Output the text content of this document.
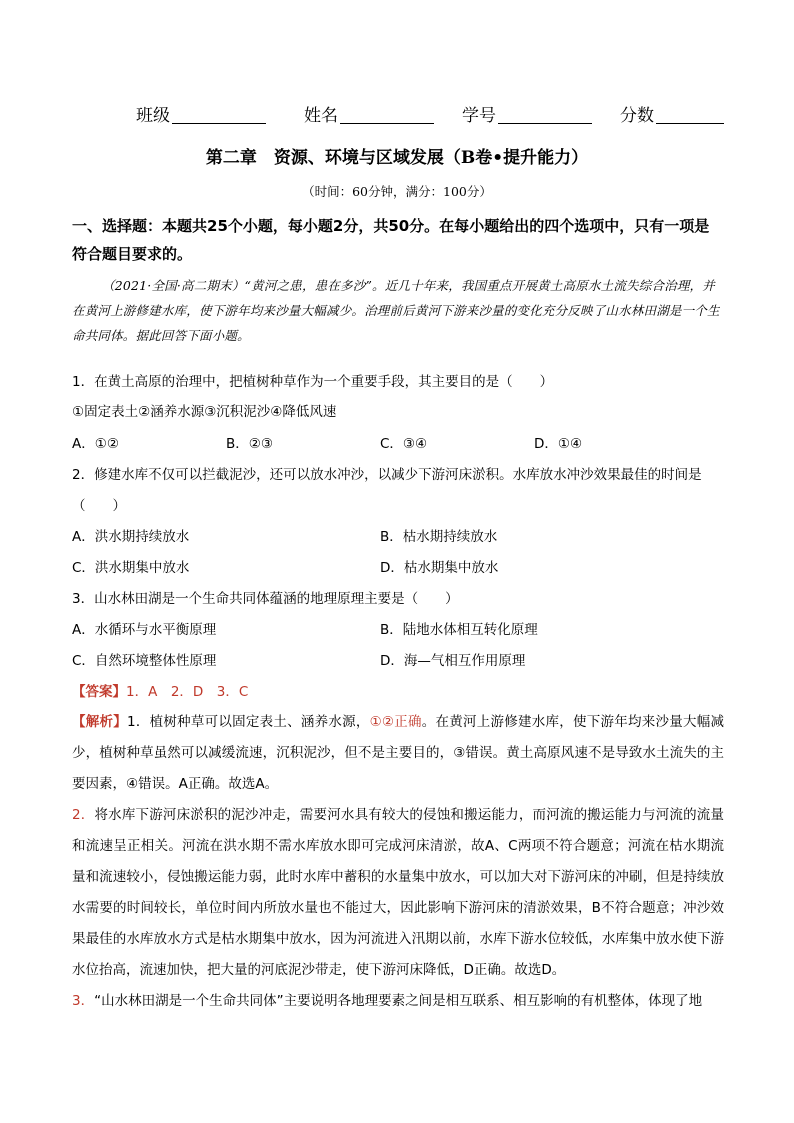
班级	姓名	学号	分数
第二章　资源、环境与区域发展（B卷•提升能力）
（时间：60分钟，满分：100分）
一、选择题：本题共25个小题，每小题2分，共50分。在每小题给出的四个选项中，只有一项是符合题目要求的。
（2021·全国·高二期末）“黄河之患，患在多沙”。近几十年来，我国重点开展黄土高原水土流失综合治理，并在黄河上游修建水库，使下游年均来沙量大幅减少。治理前后黄河下游来沙量的变化充分反映了山水林田湖是一个生命共同体。据此回答下面小题。
1．在黄土高原的治理中，把植树种草作为一个重要手段，其主要目的是（　　）
①固定表土②涵养水源③沉积泥沙④降低风速
A．①②	B．②③	C．③④	D．①④
2．修建水库不仅可以拦截泥沙，还可以放水冲沙，以减少下游河床淤积。水库放水冲沙效果最佳的时间是
（　　）
A．洪水期持续放水	B．枯水期持续放水
C．洪水期集中放水	D．枯水期集中放水
3．山水林田湖是一个生命共同体蕴涵的地理原理主要是（　　）
A．水循环与水平衡原理	B．陆地水体相互转化原理
C．自然环境整体性原理	D．海—气相互作用原理
【答案】1．A　2．D　3．C
【解析】1．植树种草可以固定表土、涵养水源，①②正确。在黄河上游修建水库，使下游年均来沙量大幅减少，植树种草虽然可以减缓流速，沉积泥沙，但不是主要目的，③错误。黄土高原风速不是导致水土流失的主要因素，④错误。A正确。故选A。
2．将水库下游河床淤积的泥沙冲走，需要河水具有较大的侵蚀和搬运能力，而河流的搬运能力与河流的流量和流速呈正相关。河流在洪水期不需水库放水即可完成河床清淤，故A、C两项不符合题意；河流在枯水期流量和流速较小，侵蚀搬运能力弱，此时水库中蓄积的水量集中放水，可以加大对下游河床的冲刷，但是持续放水需要的时间较长，单位时间内所放水量也不能过大，因此影响下游河床的清淤效果，B不符合题意；冲沙效果最佳的水库放水方式是枯水期集中放水，因为河流进入汛期以前，水库下游水位较低，水库集中放水使下游水位抬高，流速加快，把大量的河底泥沙带走，使下游河床降低，D正确。故选D。
3．“山水林田湖是一个生命共同体”主要说明各地理要素之间是相互联系、相互影响的有机整体，体现了地
